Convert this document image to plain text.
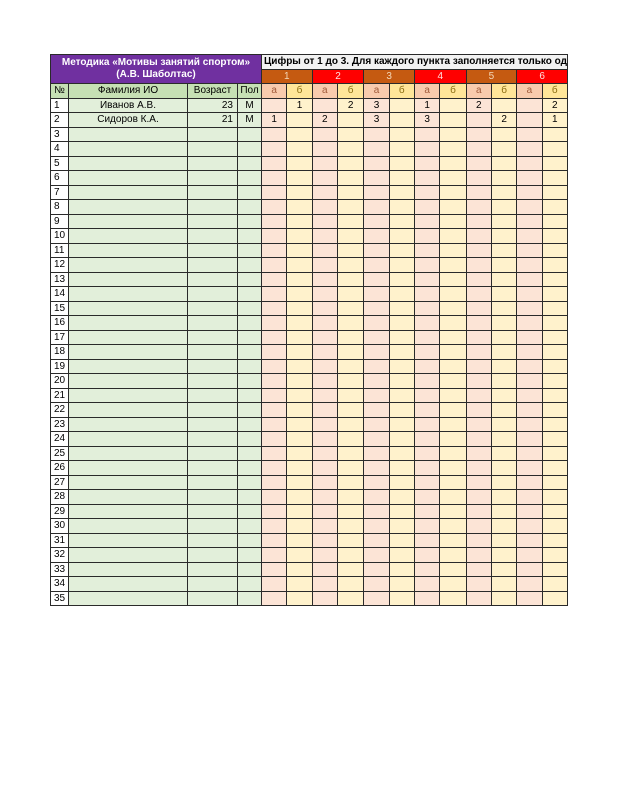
Методика «Мотивы занятий спортом» (А.В. Шаболтас)				Цифры от 1 до 3. Для каждого пункта заполняется только од											
				1		2		3		4		5		6	
№	Фамилия ИО	Возраст	Пол	а	б	а	б	а	б	а	б	а	б	а	б
1	Иванов А.В.	23	М		1		2	3		1		2			2
2	Сидоров К.А.	21	М	1		2		3		3			2		1
3															
4															
5															
6															
7															
8															
9															
10															
11															
12															
13															
14															
15															
16															
17															
18															
19															
20															
21															
22															
23															
24															
25															
26															
27															
28															
29															
30															
31															
32															
33															
34															
35															
